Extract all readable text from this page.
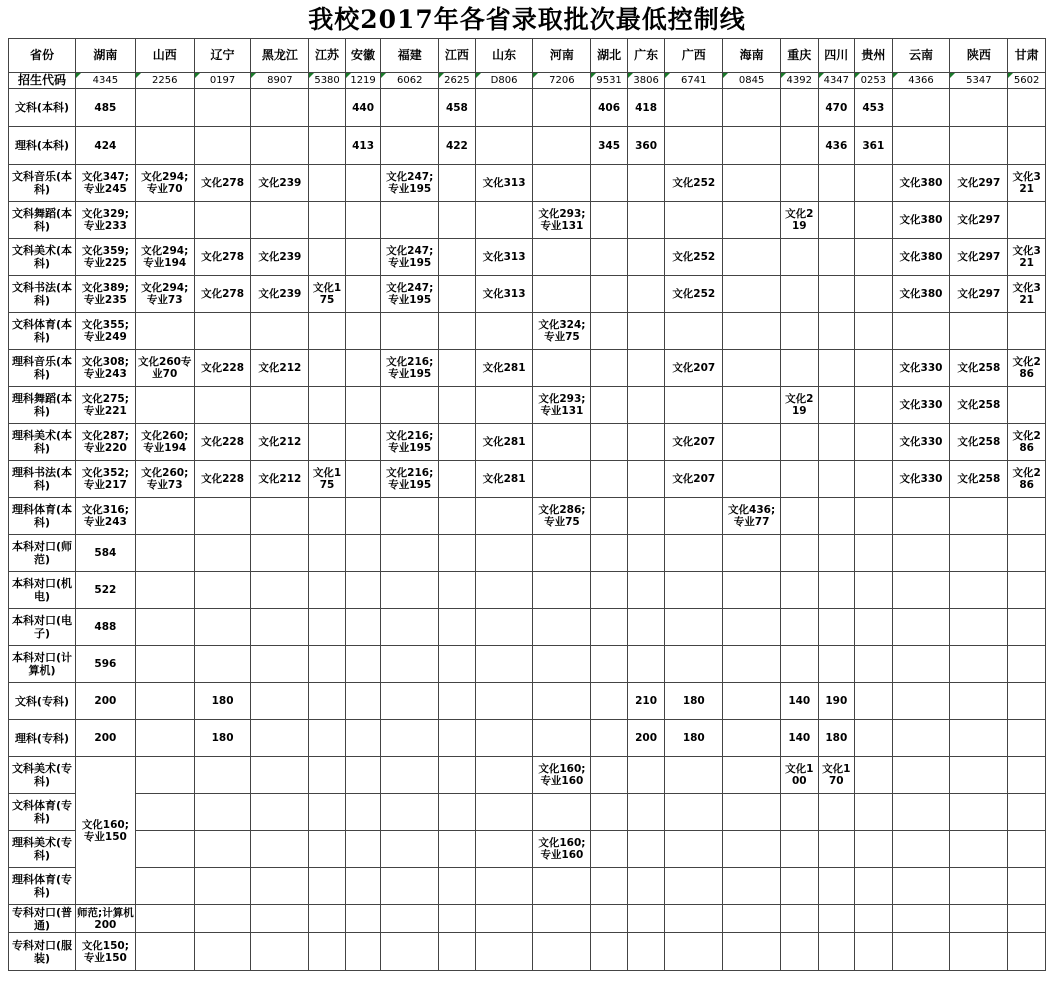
我校2017年各省录取批次最低控制线
省份	湖南	山西	辽宁	黑龙江	江苏	安徽	福建	江西	山东	河南	湖北	广东	广西	海南	重庆	四川	贵州	云南	陕西	甘肃
招生代码	4345	2256	0197	8907	5380	1219	6062	2625	D806	7206	9531	3806	6741	0845	4392	4347	0253	4366	5347	5602
文科(本科)	485					440		458			406	418				470	453			
理科(本科)	424					413		422			345	360				436	361			
文科音乐(本科)	文化347;专业245	文化294;专业70	文化278	文化239			文化247;专业195		文化313				文化252					文化380	文化297	文化321
文科舞蹈(本科)	文化329;专业233									文化293;专业131					文化219			文化380	文化297	
文科美术(本科)	文化359;专业225	文化294;专业194	文化278	文化239			文化247;专业195		文化313				文化252					文化380	文化297	文化321
文科书法(本科)	文化389;专业235	文化294;专业73	文化278	文化239	文化175		文化247;专业195		文化313				文化252					文化380	文化297	文化321
文科体育(本科)	文化355;专业249									文化324;专业75										
理科音乐(本科)	文化308;专业243	文化260专业70	文化228	文化212			文化216;专业195		文化281				文化207					文化330	文化258	文化286
理科舞蹈(本科)	文化275;专业221									文化293;专业131					文化219			文化330	文化258	
理科美术(本科)	文化287;专业220	文化260;专业194	文化228	文化212			文化216;专业195		文化281				文化207					文化330	文化258	文化286
理科书法(本科)	文化352;专业217	文化260;专业73	文化228	文化212	文化175		文化216;专业195		文化281				文化207					文化330	文化258	文化286
理科体育(本科)	文化316;专业243									文化286;专业75				文化436;专业77						
本科对口(师范)	584																			
本科对口(机电)	522																			
本科对口(电子)	488																			
本科对口(计算机)	596																			
文科(专科)	200		180									210	180		140	190				
理科(专科)	200		180									200	180		140	180				
文科美术(专科)	文化160;专业150									文化160;专业160					文化100	文化170				
文科体育(专科)																				
理科美术(专科)										文化160;专业160										
理科体育(专科)																				
专科对口(普通)	师范;计算机200																			
专科对口(服装)	文化150;专业150																			
